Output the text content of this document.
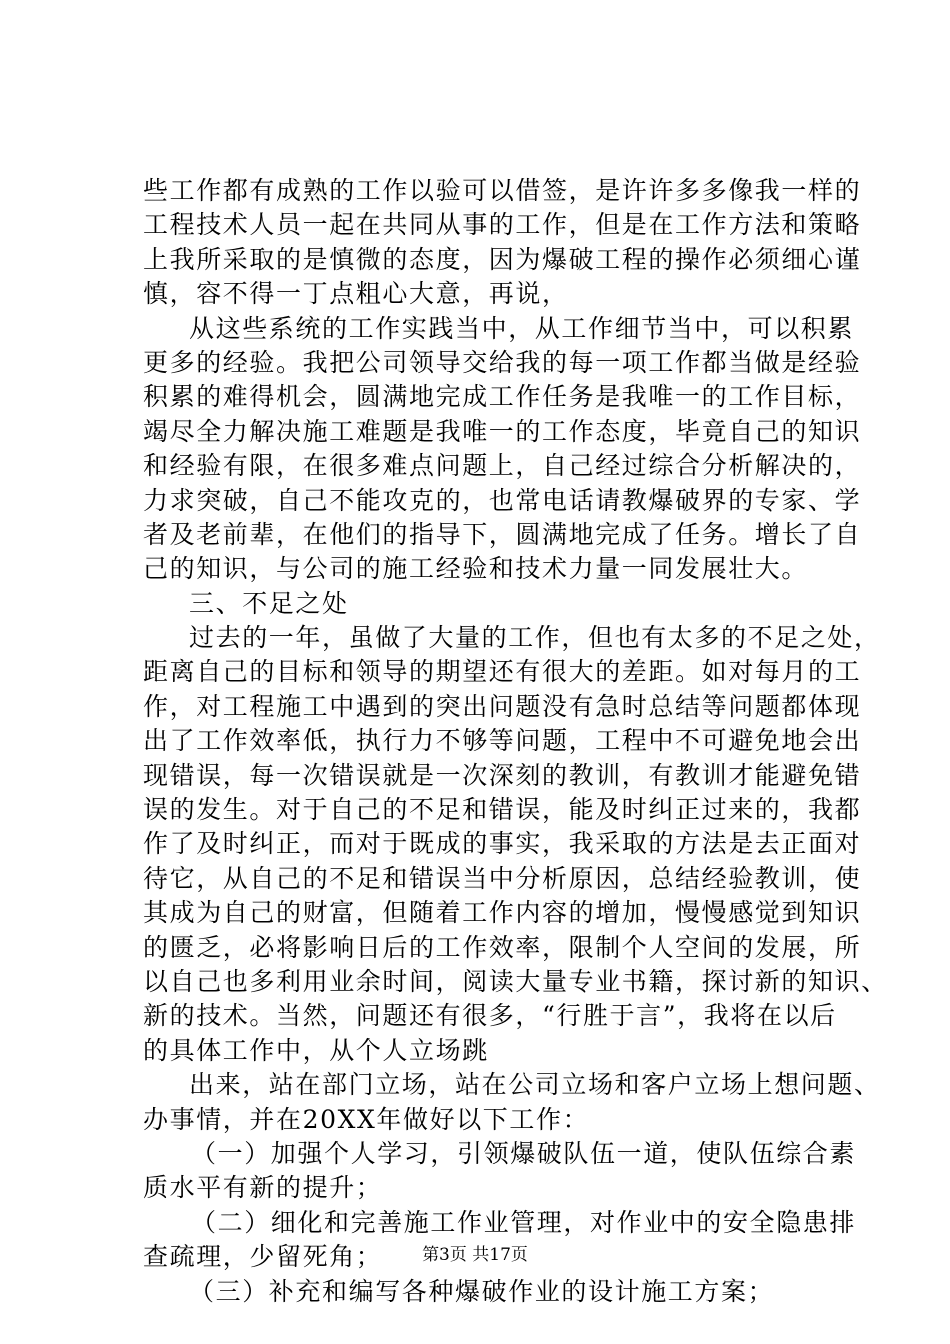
些工作都有成熟的工作以验可以借签，是许许多多像我一样的
工程技术人员一起在共同从事的工作，但是在工作方法和策略
上我所采取的是慎微的态度，因为爆破工程的操作必须细心谨
慎，容不得一丁点粗心大意，再说，
从这些系统的工作实践当中，从工作细节当中，可以积累
更多的经验。我把公司领导交给我的每一项工作都当做是经验
积累的难得机会，圆满地完成工作任务是我唯一的工作目标，
竭尽全力解决施工难题是我唯一的工作态度，毕竟自己的知识
和经验有限，在很多难点问题上，自己经过综合分析解决的，
力求突破，自己不能攻克的，也常电话请教爆破界的专家、学
者及老前辈，在他们的指导下，圆满地完成了任务。增长了自
己的知识，与公司的施工经验和技术力量一同发展壮大。
三、不足之处
过去的一年，虽做了大量的工作，但也有太多的不足之处，
距离自己的目标和领导的期望还有很大的差距。如对每月的工
作，对工程施工中遇到的突出问题没有急时总结等问题都体现
出了工作效率低，执行力不够等问题，工程中不可避免地会出
现错误，每一次错误就是一次深刻的教训，有教训才能避免错
误的发生。对于自己的不足和错误，能及时纠正过来的，我都
作了及时纠正，而对于既成的事实，我采取的方法是去正面对
待它，从自己的不足和错误当中分析原因，总结经验教训，使
其成为自己的财富，但随着工作内容的增加，慢慢感觉到知识
的匮乏，必将影响日后的工作效率，限制个人空间的发展，所
以自己也多利用业余时间，阅读大量专业书籍，探讨新的知识、
新的技术。当然，问题还有很多，“行胜于言”，我将在以后
的具体工作中，从个人立场跳
出来，站在部门立场，站在公司立场和客户立场上想问题、
办事情，并在20XX年做好以下工作：
（一）加强个人学习，引领爆破队伍一道，使队伍综合素
质水平有新的提升；
（二）细化和完善施工作业管理，对作业中的安全隐患排
查疏理，少留死角；
（三）补充和编写各种爆破作业的设计施工方案；
第3页 共17页
